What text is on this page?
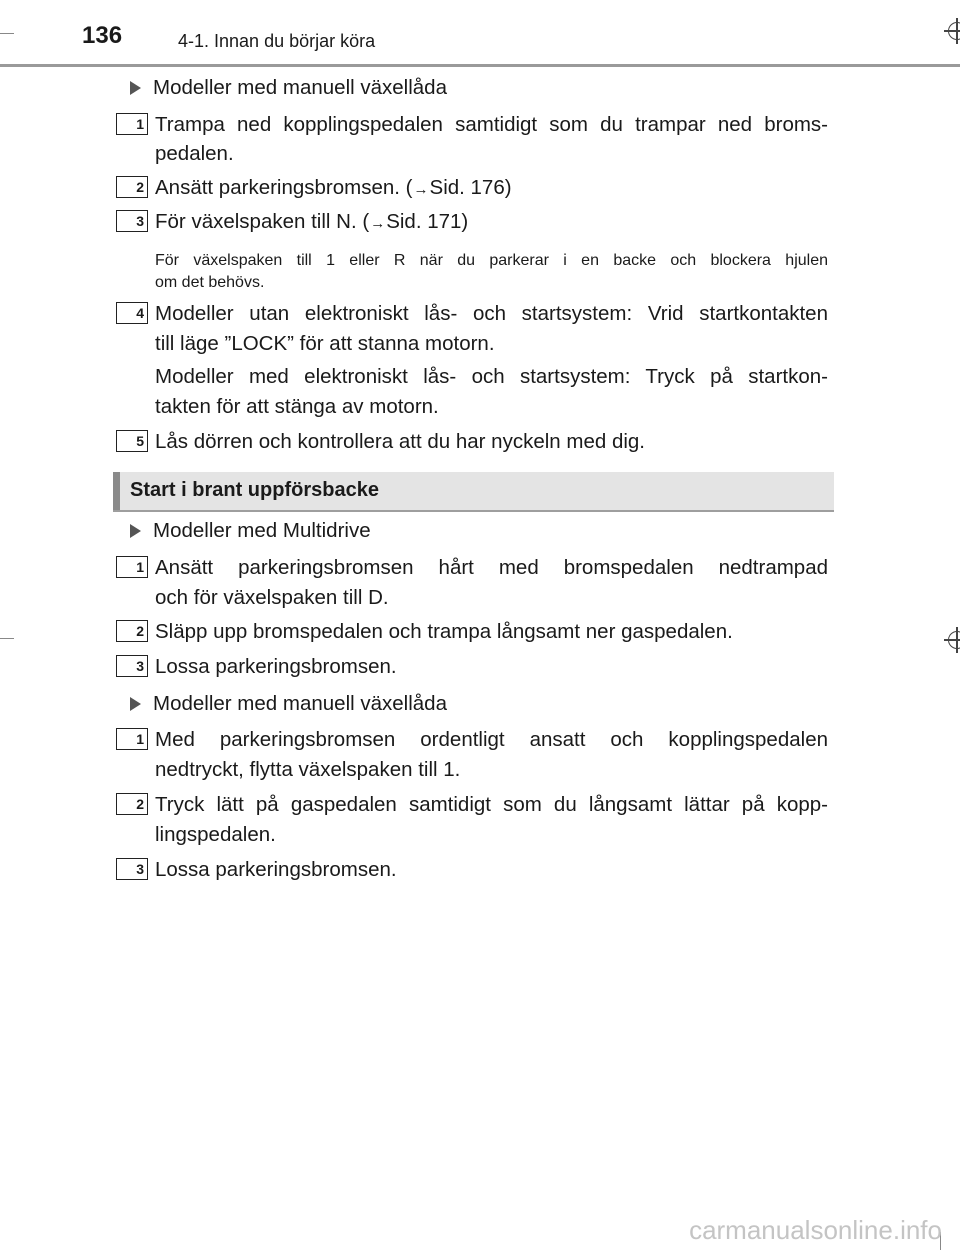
136	4-1. Innan du börjar köra
Modeller med manuell växellåda
1 Trampa ned kopplingspedalen samtidigt som du trampar ned broms-
pedalen.
2 Ansätt parkeringsbromsen. (→Sid. 176)
3 För växelspaken till N. (→Sid. 171)
För växelspaken till 1 eller R när du parkerar i en backe och blockera hjulen
om det behövs.
4 Modeller utan elektroniskt lås- och startsystem: Vrid startkontakten
till läge ”LOCK” för att stanna motorn.
Modeller med elektroniskt lås- och startsystem: Tryck på startkon-
takten för att stänga av motorn.
5 Lås dörren och kontrollera att du har nyckeln med dig.
Start i brant uppförsbacke
Modeller med Multidrive
1 Ansätt parkeringsbromsen hårt med bromspedalen nedtrampad
och för växelspaken till D.
2 Släpp upp bromspedalen och trampa långsamt ner gaspedalen.
3 Lossa parkeringsbromsen.
Modeller med manuell växellåda
1 Med parkeringsbromsen ordentligt ansatt och kopplingspedalen
nedtryckt, flytta växelspaken till 1.
2 Tryck lätt på gaspedalen samtidigt som du långsamt lättar på kopp-
lingspedalen.
3 Lossa parkeringsbromsen.
carmanualsonline.info
